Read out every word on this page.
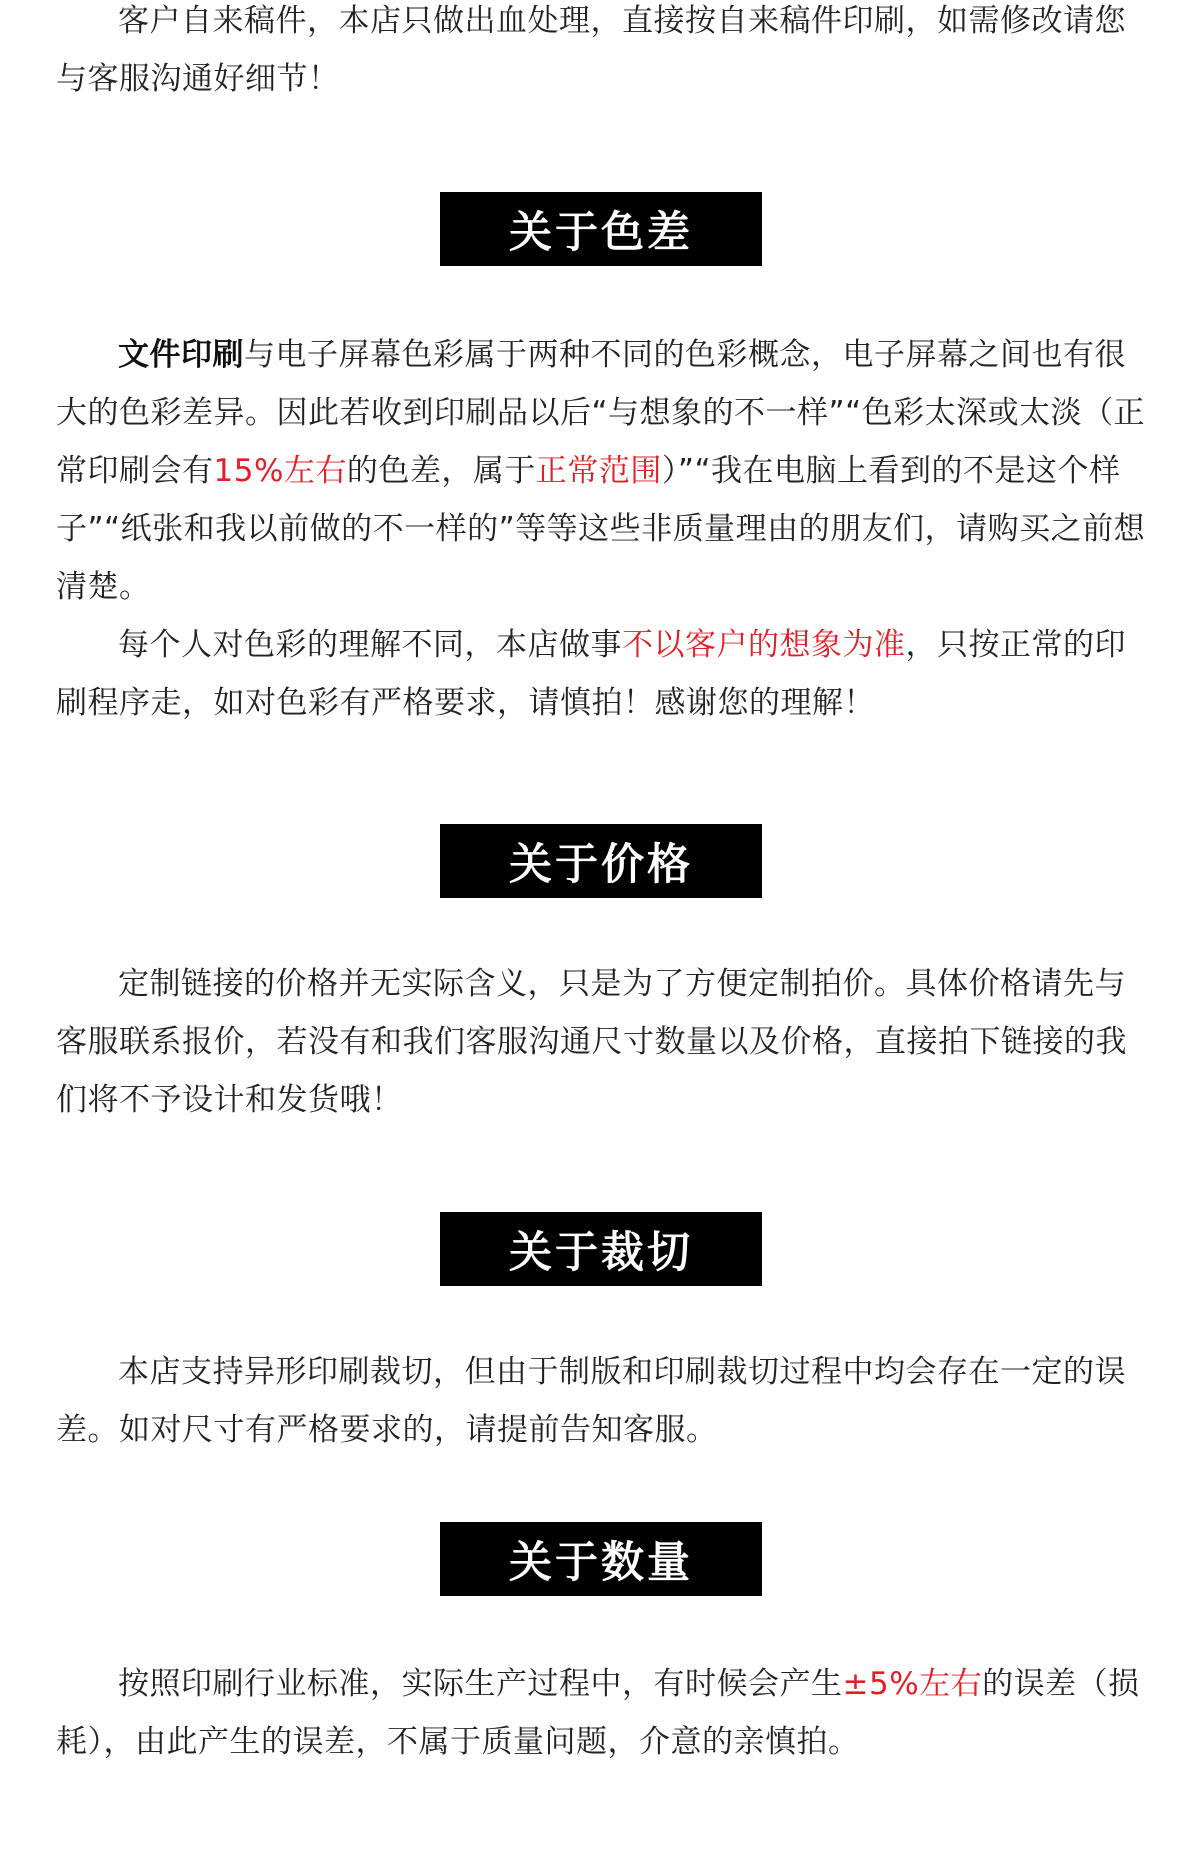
客户自来稿件，本店只做出血处理，直接按自来稿件印刷，如需修改请您与客服沟通好细节！

关于色差

文件印刷与电子屏幕色彩属于两种不同的色彩概念，电子屏幕之间也有很大的色彩差异。因此若收到印刷品以后“与想象的不一样”“色彩太深或太淡（正常印刷会有15%左右的色差，属于正常范围）”“我在电脑上看到的不是这个样子”“纸张和我以前做的不一样的”等等这些非质量理由的朋友们，请购买之前想清楚。

每个人对色彩的理解不同，本店做事不以客户的想象为准，只按正常的印刷程序走，如对色彩有严格要求，请慎拍！感谢您的理解！

关于价格

定制链接的价格并无实际含义，只是为了方便定制拍价。具体价格请先与客服联系报价，若没有和我们客服沟通尺寸数量以及价格，直接拍下链接的我们将不予设计和发货哦！

关于裁切

本店支持异形印刷裁切，但由于制版和印刷裁切过程中均会存在一定的误差。如对尺寸有严格要求的，请提前告知客服。

关于数量

按照印刷行业标准，实际生产过程中，有时候会产生±5%左右的误差（损耗），由此产生的误差，不属于质量问题，介意的亲慎拍。
